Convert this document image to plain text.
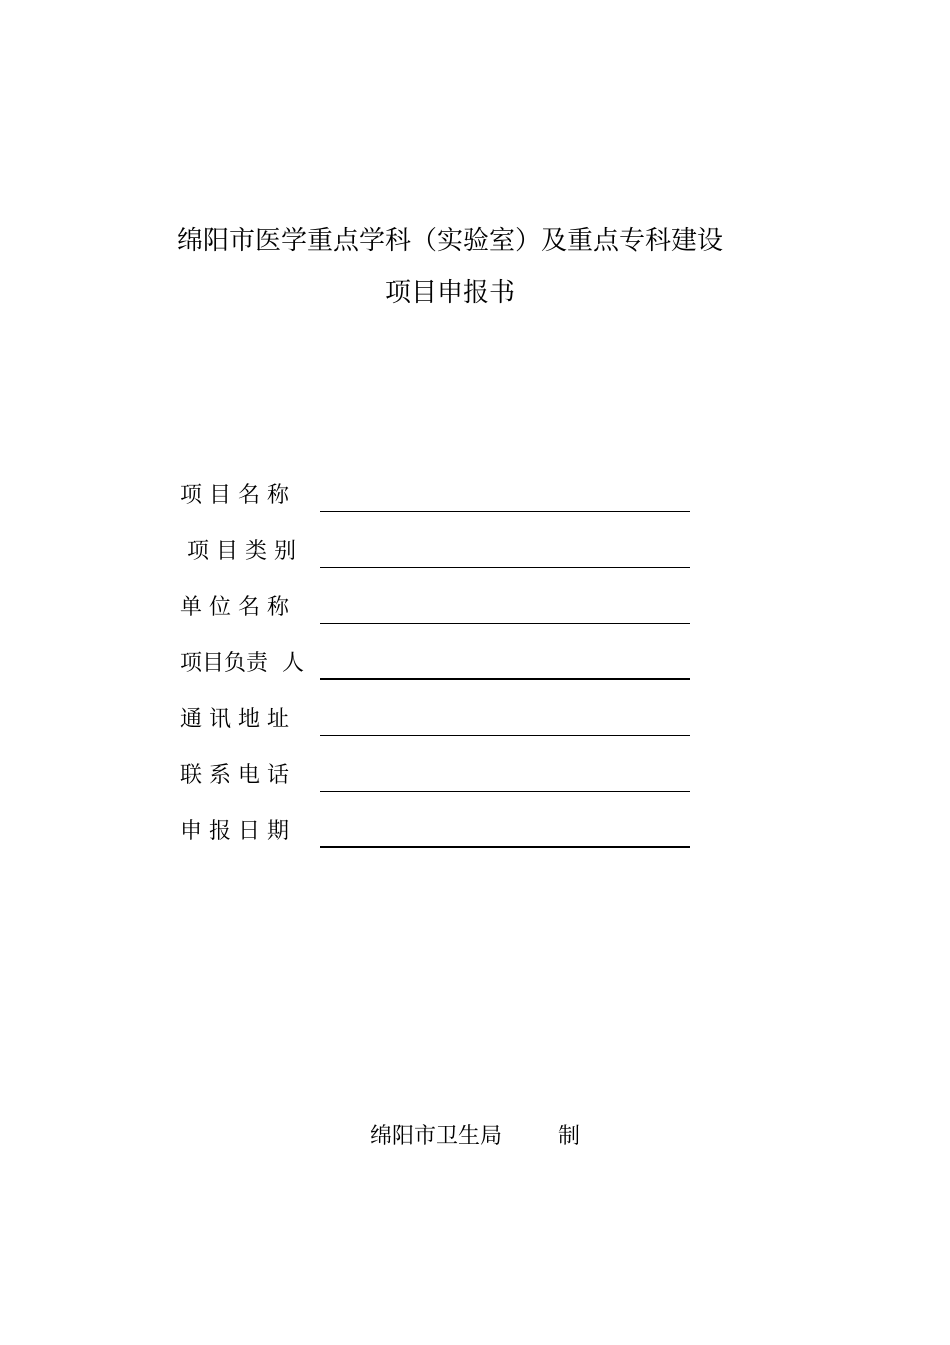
绵阳市医学重点学科（实验室）及重点专科建设
项目申报书
项 目 名 称
项 目 类 别
单 位 名 称
项目负责  人
通 讯 地 址
联 系 电 话
申 报 日 期
绵阳市卫生局	制
